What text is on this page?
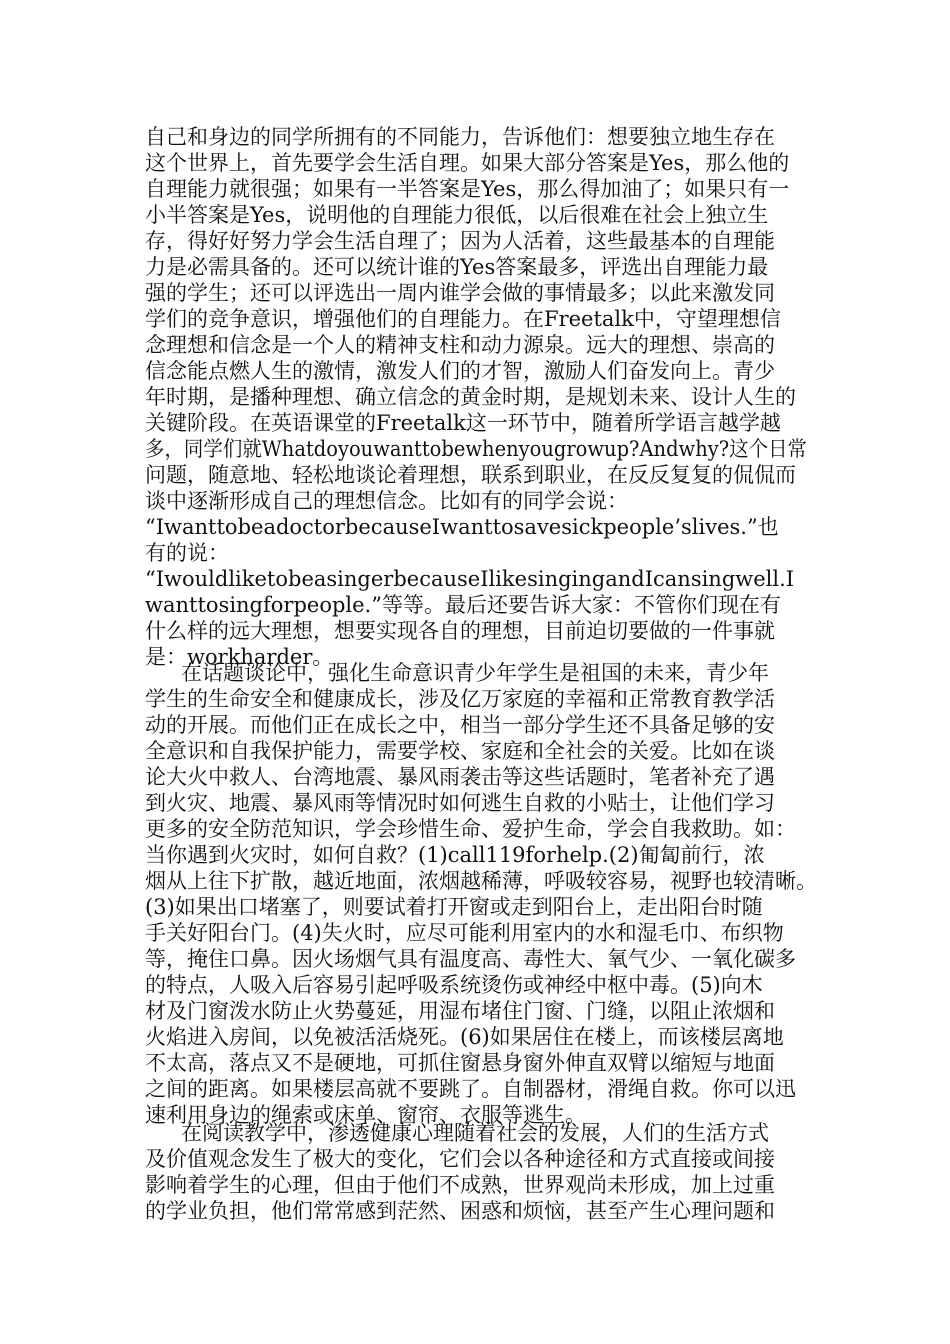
自己和身边的同学所拥有的不同能力，告诉他们：想要独立地生存在
这个世界上，首先要学会生活自理。如果大部分答案是Yes，那么他的
自理能力就很强；如果有一半答案是Yes，那么得加油了；如果只有一
小半答案是Yes，说明他的自理能力很低，以后很难在社会上独立生
存，得好好努力学会生活自理了；因为人活着，这些最基本的自理能
力是必需具备的。还可以统计谁的Yes答案最多，评选出自理能力最
强的学生；还可以评选出一周内谁学会做的事情最多；以此来激发同
学们的竞争意识，增强他们的自理能力。在Freetalk中，守望理想信
念理想和信念是一个人的精神支柱和动力源泉。远大的理想、崇高的
信念能点燃人生的激情，激发人们的才智，激励人们奋发向上。青少
年时期，是播种理想、确立信念的黄金时期，是规划未来、设计人生的
关键阶段。在英语课堂的Freetalk这一环节中，随着所学语言越学越
多，同学们就Whatdoyouwanttobewhenyougrowup?Andwhy?这个日常
问题，随意地、轻松地谈论着理想，联系到职业，在反反复复的侃侃而
谈中逐渐形成自己的理想信念。比如有的同学会说：
“IwanttobeadoctorbecauseIwanttosavesickpeople’slives.”也
有的说：
“IwouldliketobeasingerbecauseIlikesingingandIcansingwell.I
wanttosingforpeople.”等等。最后还要告诉大家：不管你们现在有
什么样的远大理想，想要实现各自的理想，目前迫切要做的一件事就
是：workharder。
在话题谈论中，强化生命意识青少年学生是祖国的未来，青少年
学生的生命安全和健康成长，涉及亿万家庭的幸福和正常教育教学活
动的开展。而他们正在成长之中，相当一部分学生还不具备足够的安
全意识和自我保护能力，需要学校、家庭和全社会的关爱。比如在谈
论大火中救人、台湾地震、暴风雨袭击等这些话题时，笔者补充了遇
到火灾、地震、暴风雨等情况时如何逃生自救的小贴士，让他们学习
更多的安全防范知识，学会珍惜生命、爱护生命，学会自我救助。如：
当你遇到火灾时，如何自救？(1)call119forhelp.(2)匍匐前行，浓
烟从上往下扩散，越近地面，浓烟越稀薄，呼吸较容易，视野也较清晰。
(3)如果出口堵塞了，则要试着打开窗或走到阳台上，走出阳台时随
手关好阳台门。(4)失火时，应尽可能利用室内的水和湿毛巾、布织物
等，掩住口鼻。因火场烟气具有温度高、毒性大、氧气少、一氧化碳多
的特点，人吸入后容易引起呼吸系统烫伤或神经中枢中毒。(5)向木
材及门窗泼水防止火势蔓延，用湿布堵住门窗、门缝，以阻止浓烟和
火焰进入房间，以免被活活烧死。(6)如果居住在楼上，而该楼层离地
不太高，落点又不是硬地，可抓住窗悬身窗外伸直双臂以缩短与地面
之间的距离。如果楼层高就不要跳了。自制器材，滑绳自救。你可以迅
速利用身边的绳索或床单、窗帘、衣服等逃生。
在阅读教学中，渗透健康心理随着社会的发展，人们的生活方式
及价值观念发生了极大的变化，它们会以各种途径和方式直接或间接
影响着学生的心理，但由于他们不成熟，世界观尚未形成，加上过重
的学业负担，他们常常感到茫然、困惑和烦恼，甚至产生心理问题和
